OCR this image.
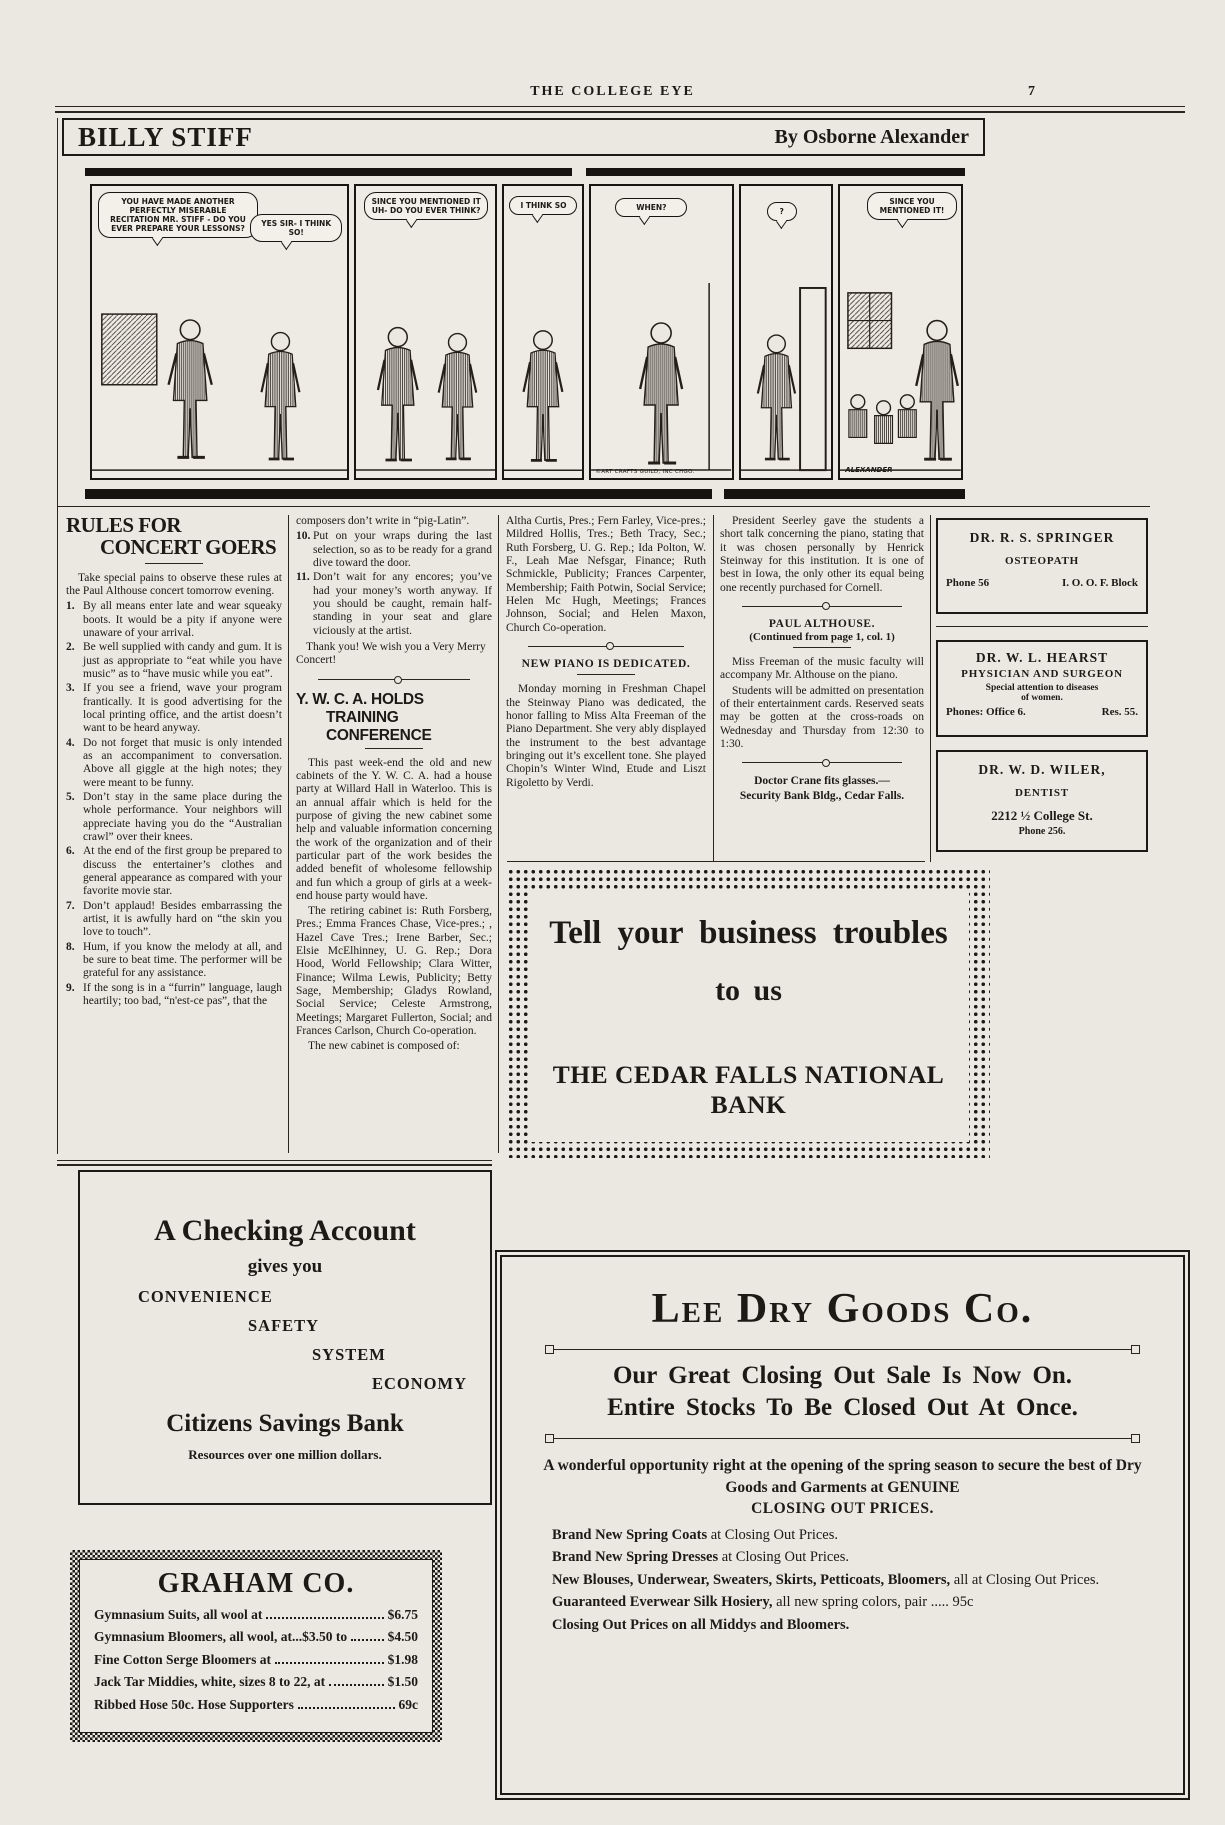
THE COLLEGE EYE	7
BILLY STIFF	By Osborne Alexander
YOU HAVE MADE ANOTHER PERFECTLY MISERABLE RECITATION MR. STIFF - DO YOU EVER PREPARE YOUR LESSONS?
YES SIR- I THINK SO!
SINCE YOU MENTIONED IT UH- DO YOU EVER THINK?
I THINK SO	WHEN?
©ART CRAFTS GUILD, INC CHGO.
?
SINCE YOU MENTIONED IT!
ALEXANDER
RULES FOR
CONCERT GOERS

Take special pains to observe these rules at the Paul Althouse concert tomorrow evening.

1. By all means enter late and wear squeaky boots. It would be a pity if anyone were unaware of your arrival.
2. Be well supplied with candy and gum. It is just as appropriate to “eat while you have music” as to “have music while you eat”.
3. If you see a friend, wave your program frantically. It is good advertising for the local printing office, and the artist doesn’t want to be heard anyway.
4. Do not forget that music is only intended as an accompaniment to conversation. Above all giggle at the high notes; they were meant to be funny.
5. Don’t stay in the same place during the whole performance. Your neighbors will appreciate having you do the “Australian crawl” over their knees.
6. At the end of the first group be prepared to discuss the entertainer’s clothes and general appearance as compared with your favorite movie star.
7. Don’t applaud! Besides embarrassing the artist, it is awfully hard on “the skin you love to touch”.
8. Hum, if you know the melody at all, and be sure to beat time. The performer will be grateful for any assistance.
9. If the song is in a “furrin” language, laugh heartily; too bad, “n'est-ce pas”, that the

composers don’t write in “pig-Latin”.

10. Put on your wraps during the last selection, so as to be ready for a grand dive toward the door.
11. Don’t wait for any encores; you’ve had your money’s worth anyway. If you should be caught, remain half-standing in your seat and glare viciously at the artist.

Thank you! We wish you a Very Merry Concert!

Y. W. C. A. HOLDS
TRAINING CONFERENCE

This past week-end the old and new cabinets of the Y. W. C. A. had a house party at Willard Hall in Waterloo. This is an annual affair which is held for the purpose of giving the new cabinet some help and valuable information concerning the work of the organization and of their particular part of the work besides the added benefit of wholesome fellowship and fun which a group of girls at a week-end house party would have.

The retiring cabinet is: Ruth Forsberg, Pres.; Emma Frances Chase, Vice-pres.; , Hazel Cave Tres.; Irene Barber, Sec.; Elsie McElhinney, U. G. Rep.; Dora Hood, World Fellowship; Clara Witter, Finance; Wilma Lewis, Publicity; Betty Sage, Membership; Gladys Rowland, Social Service; Celeste Armstrong, Meetings; Margaret Fullerton, Social; and Frances Carlson, Church Co-operation.

The new cabinet is composed of:

Altha Curtis, Pres.; Fern Farley, Vice-pres.; Mildred Hollis, Tres.; Beth Tracy, Sec.; Ruth Forsberg, U. G. Rep.; Ida Polton, W. F., Leah Mae Nefsgar, Finance; Ruth Schmickle, Publicity; Frances Carpenter, Membership; Faith Potwin, Social Service; Helen Mc Hugh, Meetings; Frances Johnson, Social; and Helen Maxon, Church Co-operation.

NEW PIANO IS DEDICATED.

Monday morning in Freshman Chapel the Steinway Piano was dedicated, the honor falling to Miss Alta Freeman of the Piano Department. She very ably displayed the instrument to the best advantage bringing out it’s excellent tone. She played Chopin’s Winter Wind, Etude and Liszt Rigoletto by Verdi.

President Seerley gave the students a short talk concerning the piano, stating that it was chosen personally by Henrick Steinway for this institution. It is one of best in Iowa, the only other its equal being one recently purchased for Cornell.

PAUL ALTHOUSE.
(Continued from page 1, col. 1)

Miss Freeman of the music faculty will accompany Mr. Althouse on the piano.

Students will be admitted on presentation of their entertainment cards. Reserved seats may be gotten at the cross-roads on Wednesday and Thursday from 12:30 to 1:30.

Doctor Crane fits glasses.—
Security Bank Bldg., Cedar Falls.
DR. R. S. SPRINGER
OSTEOPATH
Phone 56	I. O. O. F. Block
DR. W. L. HEARST
PHYSICIAN AND SURGEON
Special attention to diseases
of women.
Phones: Office 6.	Res. 55.
DR. W. D. WILER,
DENTIST
2212 ½ College St.
Phone 256.
Tell your business troubles
to us
THE CEDAR FALLS NATIONAL BANK
A Checking Account
gives you
CONVENIENCE
SAFETY
SYSTEM
ECONOMY
Citizens Savings Bank
Resources over one million dollars.
GRAHAM CO.
Gymnasium Suits, all wool at	$6.75
Gymnasium Bloomers, all wool, at...$3.50 to	$4.50
Fine Cotton Serge Bloomers at	$1.98
Jack Tar Middies, white, sizes 8 to 22, at	$1.50
Ribbed Hose 50c. Hose Supporters	69c
Lee Dry Goods Co.
Our Great Closing Out Sale Is Now On.
Entire Stocks To Be Closed Out At Once.
A wonderful opportunity right at the opening of the spring season to secure the best of Dry Goods and Garments at GENUINE
CLOSING OUT PRICES.
Brand New Spring Coats at Closing Out Prices.
Brand New Spring Dresses at Closing Out Prices.
New Blouses, Underwear, Sweaters, Skirts, Petticoats, Bloomers, all at Closing Out Prices.
Guaranteed Everwear Silk Hosiery, all new spring colors, pair ..... 95c
Closing Out Prices on all Middys and Bloomers.
